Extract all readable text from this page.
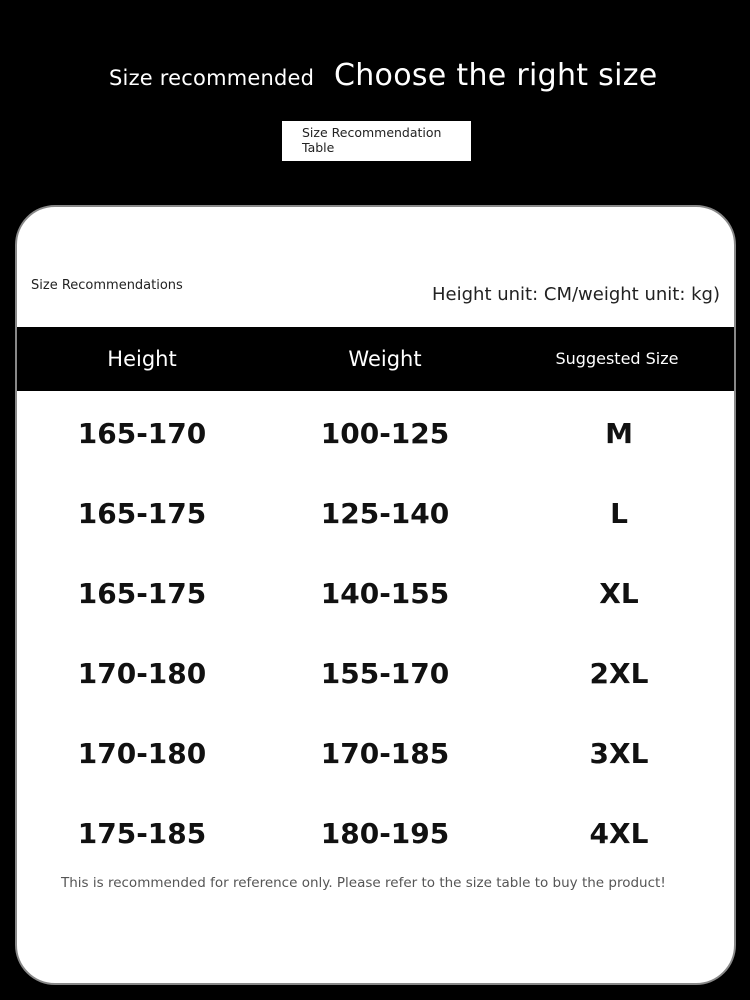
Size recommended Choose the right size
Size Recommendation Table
Size Recommendations	Height unit: CM/weight unit: kg)
Height	Weight	Suggested Size
165-170	100-125	M
165-175	125-140	L
165-175	140-155	XL
170-180	155-170	2XL
170-180	170-185	3XL
175-185	180-195	4XL
This is recommended for reference only. Please refer to the size table to buy the product!
